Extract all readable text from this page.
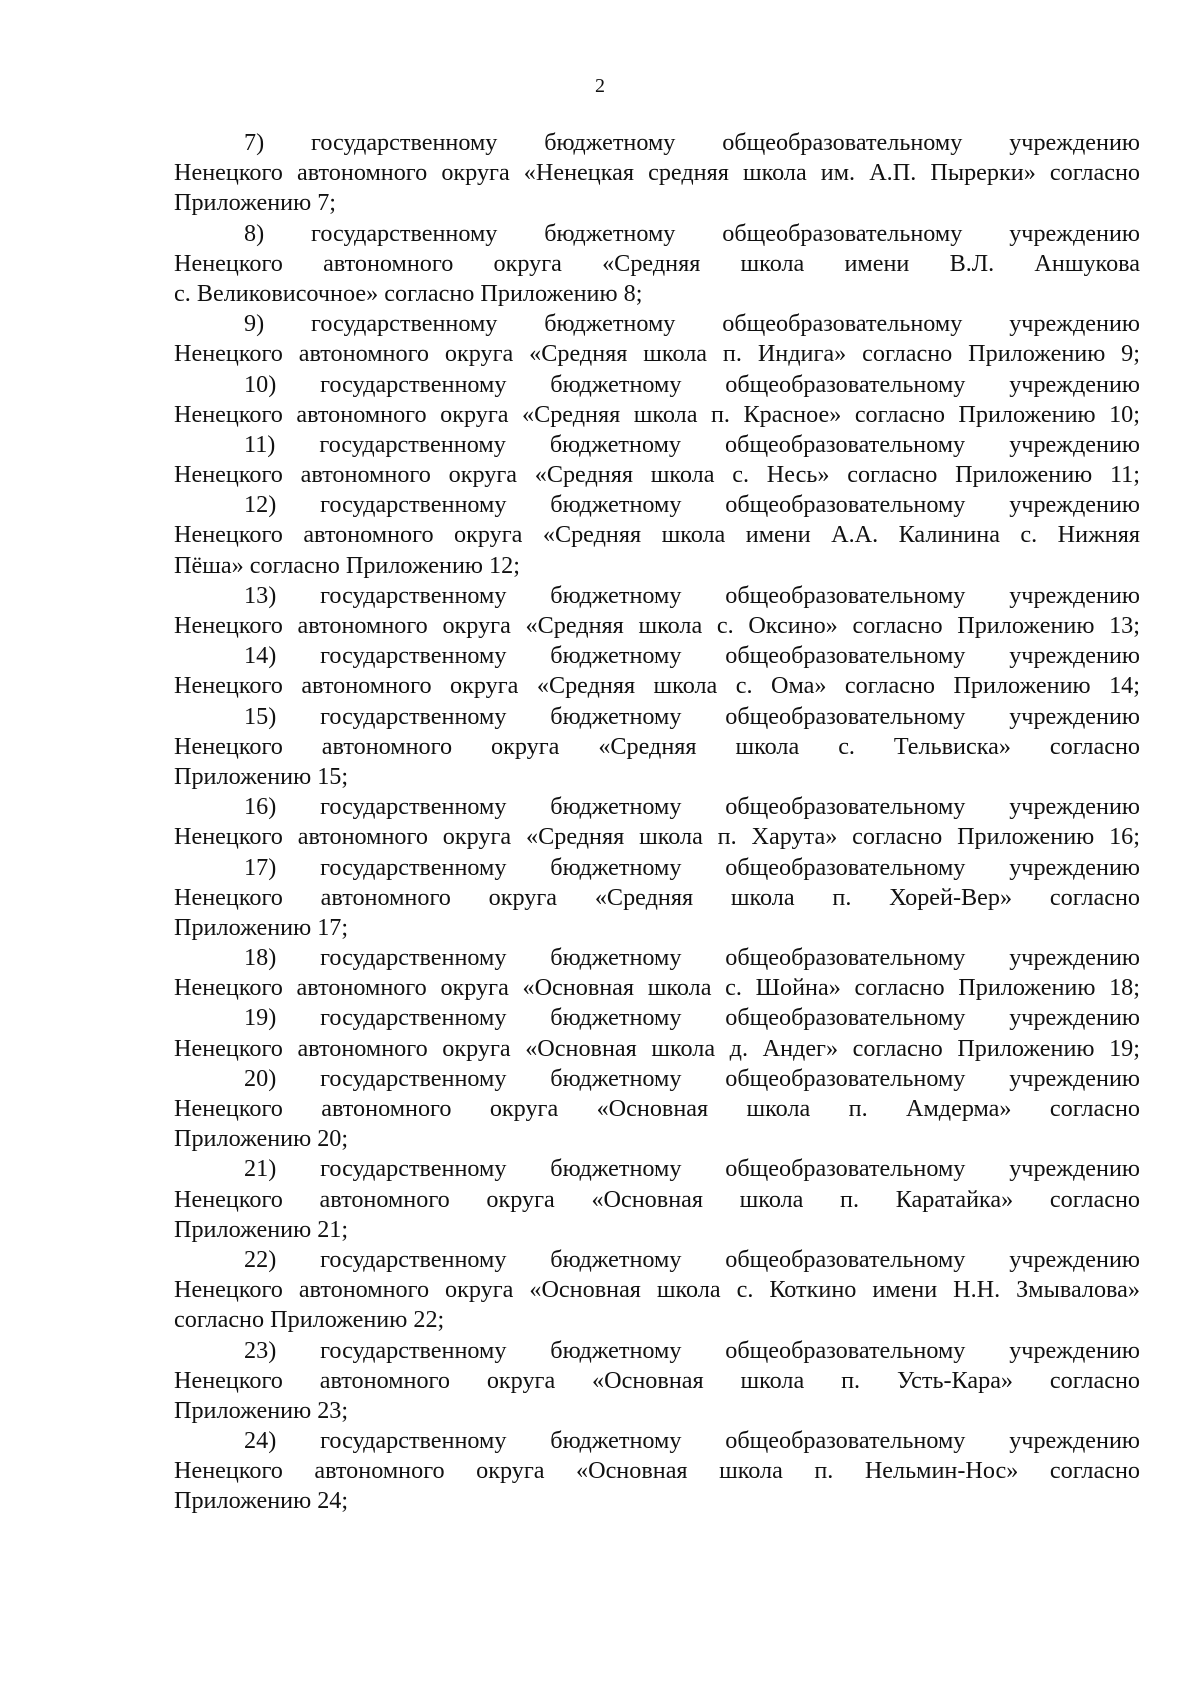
2
7) государственному бюджетному общеобразовательному учреждению
Ненецкого автономного округа «Ненецкая средняя школа им. А.П. Пырерки» согласно
Приложению 7;
8) государственному бюджетному общеобразовательному учреждению
Ненецкого автономного округа «Средняя школа имени В.Л. Аншукова
с. Великовисочное» согласно Приложению 8;
9) государственному бюджетному общеобразовательному учреждению
Ненецкого автономного округа «Средняя школа п. Индига» согласно Приложению 9;
10) государственному бюджетному общеобразовательному учреждению
Ненецкого автономного округа «Средняя школа п. Красное» согласно Приложению 10;
11) государственному бюджетному общеобразовательному учреждению
Ненецкого автономного округа «Средняя школа с. Несь» согласно Приложению 11;
12) государственному бюджетному общеобразовательному учреждению
Ненецкого автономного округа «Средняя школа имени А.А. Калинина с. Нижняя
Пёша» согласно Приложению 12;
13) государственному бюджетному общеобразовательному учреждению
Ненецкого автономного округа «Средняя школа с. Оксино» согласно Приложению 13;
14) государственному бюджетному общеобразовательному учреждению
Ненецкого автономного округа «Средняя школа с. Ома» согласно Приложению 14;
15) государственному бюджетному общеобразовательному учреждению
Ненецкого автономного округа «Средняя школа с. Тельвиска» согласно
Приложению 15;
16) государственному бюджетному общеобразовательному учреждению
Ненецкого автономного округа «Средняя школа п. Харута» согласно Приложению 16;
17) государственному бюджетному общеобразовательному учреждению
Ненецкого автономного округа «Средняя школа п. Хорей-Вер» согласно
Приложению 17;
18) государственному бюджетному общеобразовательному учреждению
Ненецкого автономного округа «Основная школа с. Шойна» согласно Приложению 18;
19) государственному бюджетному общеобразовательному учреждению
Ненецкого автономного округа «Основная школа д. Андег» согласно Приложению 19;
20) государственному бюджетному общеобразовательному учреждению
Ненецкого автономного округа «Основная школа п. Амдерма» согласно
Приложению 20;
21) государственному бюджетному общеобразовательному учреждению
Ненецкого автономного округа «Основная школа п. Каратайка» согласно
Приложению 21;
22) государственному бюджетному общеобразовательному учреждению
Ненецкого автономного округа «Основная школа с. Коткино имени Н.Н. Змывалова»
согласно Приложению 22;
23) государственному бюджетному общеобразовательному учреждению
Ненецкого автономного округа «Основная школа п. Усть-Кара» согласно
Приложению 23;
24) государственному бюджетному общеобразовательному учреждению
Ненецкого автономного округа «Основная школа п. Нельмин-Нос» согласно
Приложению 24;
